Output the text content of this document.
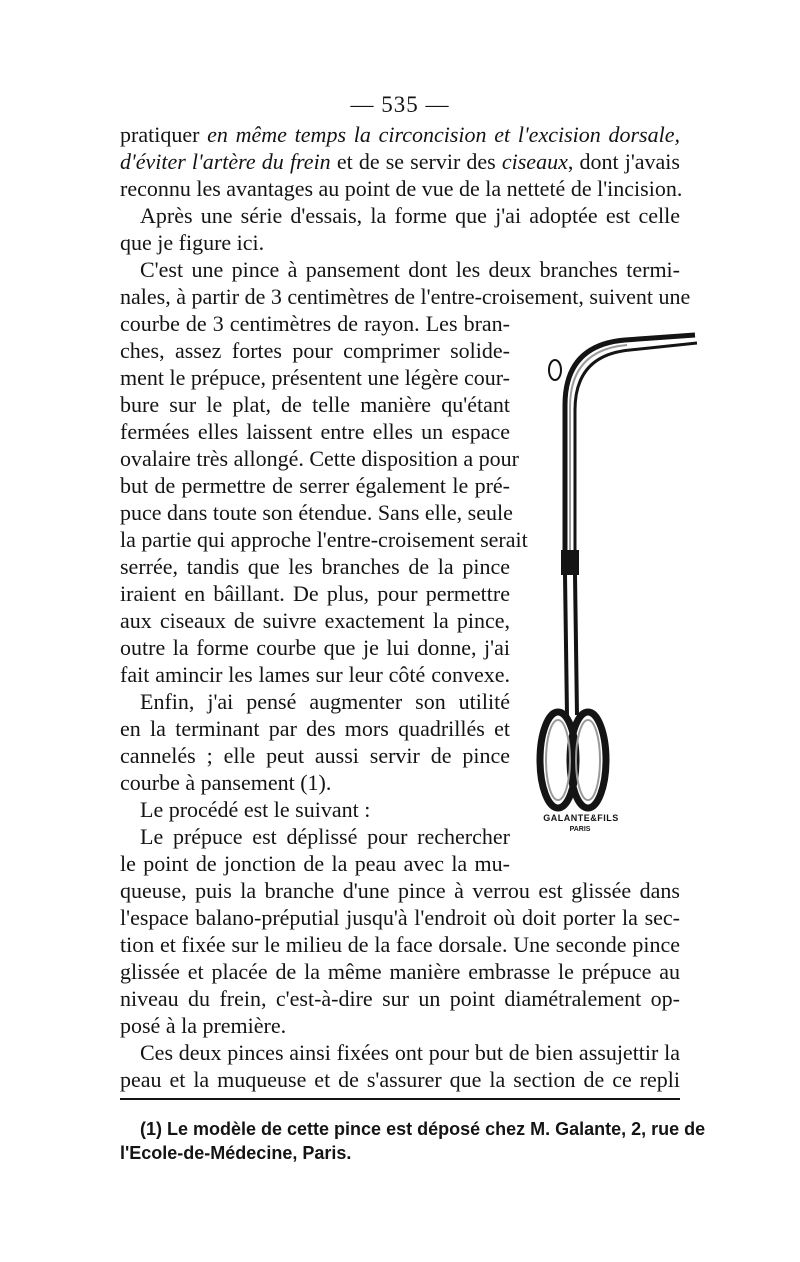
— 535 —
pratiquer en même temps la circoncision et l'excision dorsale,
d'éviter l'artère du frein et de se servir des ciseaux, dont j'avais
reconnu les avantages au point de vue de la netteté de l'incision.
Après une série d'essais, la forme que j'ai adoptée est celle
que je figure ici.
C'est une pince à pansement dont les deux branches termi-
nales, à partir de 3 centimètres de l'entre-croisement, suivent une
courbe de 3 centimètres de rayon. Les bran-
ches, assez fortes pour comprimer solide-
ment le prépuce, présentent une légère cour-
bure sur le plat, de telle manière qu'étant
fermées elles laissent entre elles un espace
ovalaire très allongé. Cette disposition a pour
but de permettre de serrer également le pré-
puce dans toute son étendue. Sans elle, seule
la partie qui approche l'entre-croisement serait
serrée, tandis que les branches de la pince
iraient en bâillant. De plus, pour permettre
aux ciseaux de suivre exactement la pince,
outre la forme courbe que je lui donne, j'ai
fait amincir les lames sur leur côté convexe.
Enfin, j'ai pensé augmenter son utilité
en la terminant par des mors quadrillés et
cannelés ; elle peut aussi servir de pince
courbe à pansement (1).
Le procédé est le suivant :
Le prépuce est déplissé pour rechercher
le point de jonction de la peau avec la mu-
queuse, puis la branche d'une pince à verrou est glissée dans
l'espace balano-préputial jusqu'à l'endroit où doit porter la sec-
tion et fixée sur le milieu de la face dorsale. Une seconde pince
glissée et placée de la même manière embrasse le prépuce au
niveau du frein, c'est-à-dire sur un point diamétralement op-
posé à la première.
Ces deux pinces ainsi fixées ont pour but de bien assujettir la
peau et la muqueuse et de s'assurer que la section de ce repli
GALANTE&FILS
PARIS
(1) Le modèle de cette pince est déposé chez M. Galante, 2, rue de
l'Ecole-de-Médecine, Paris.
